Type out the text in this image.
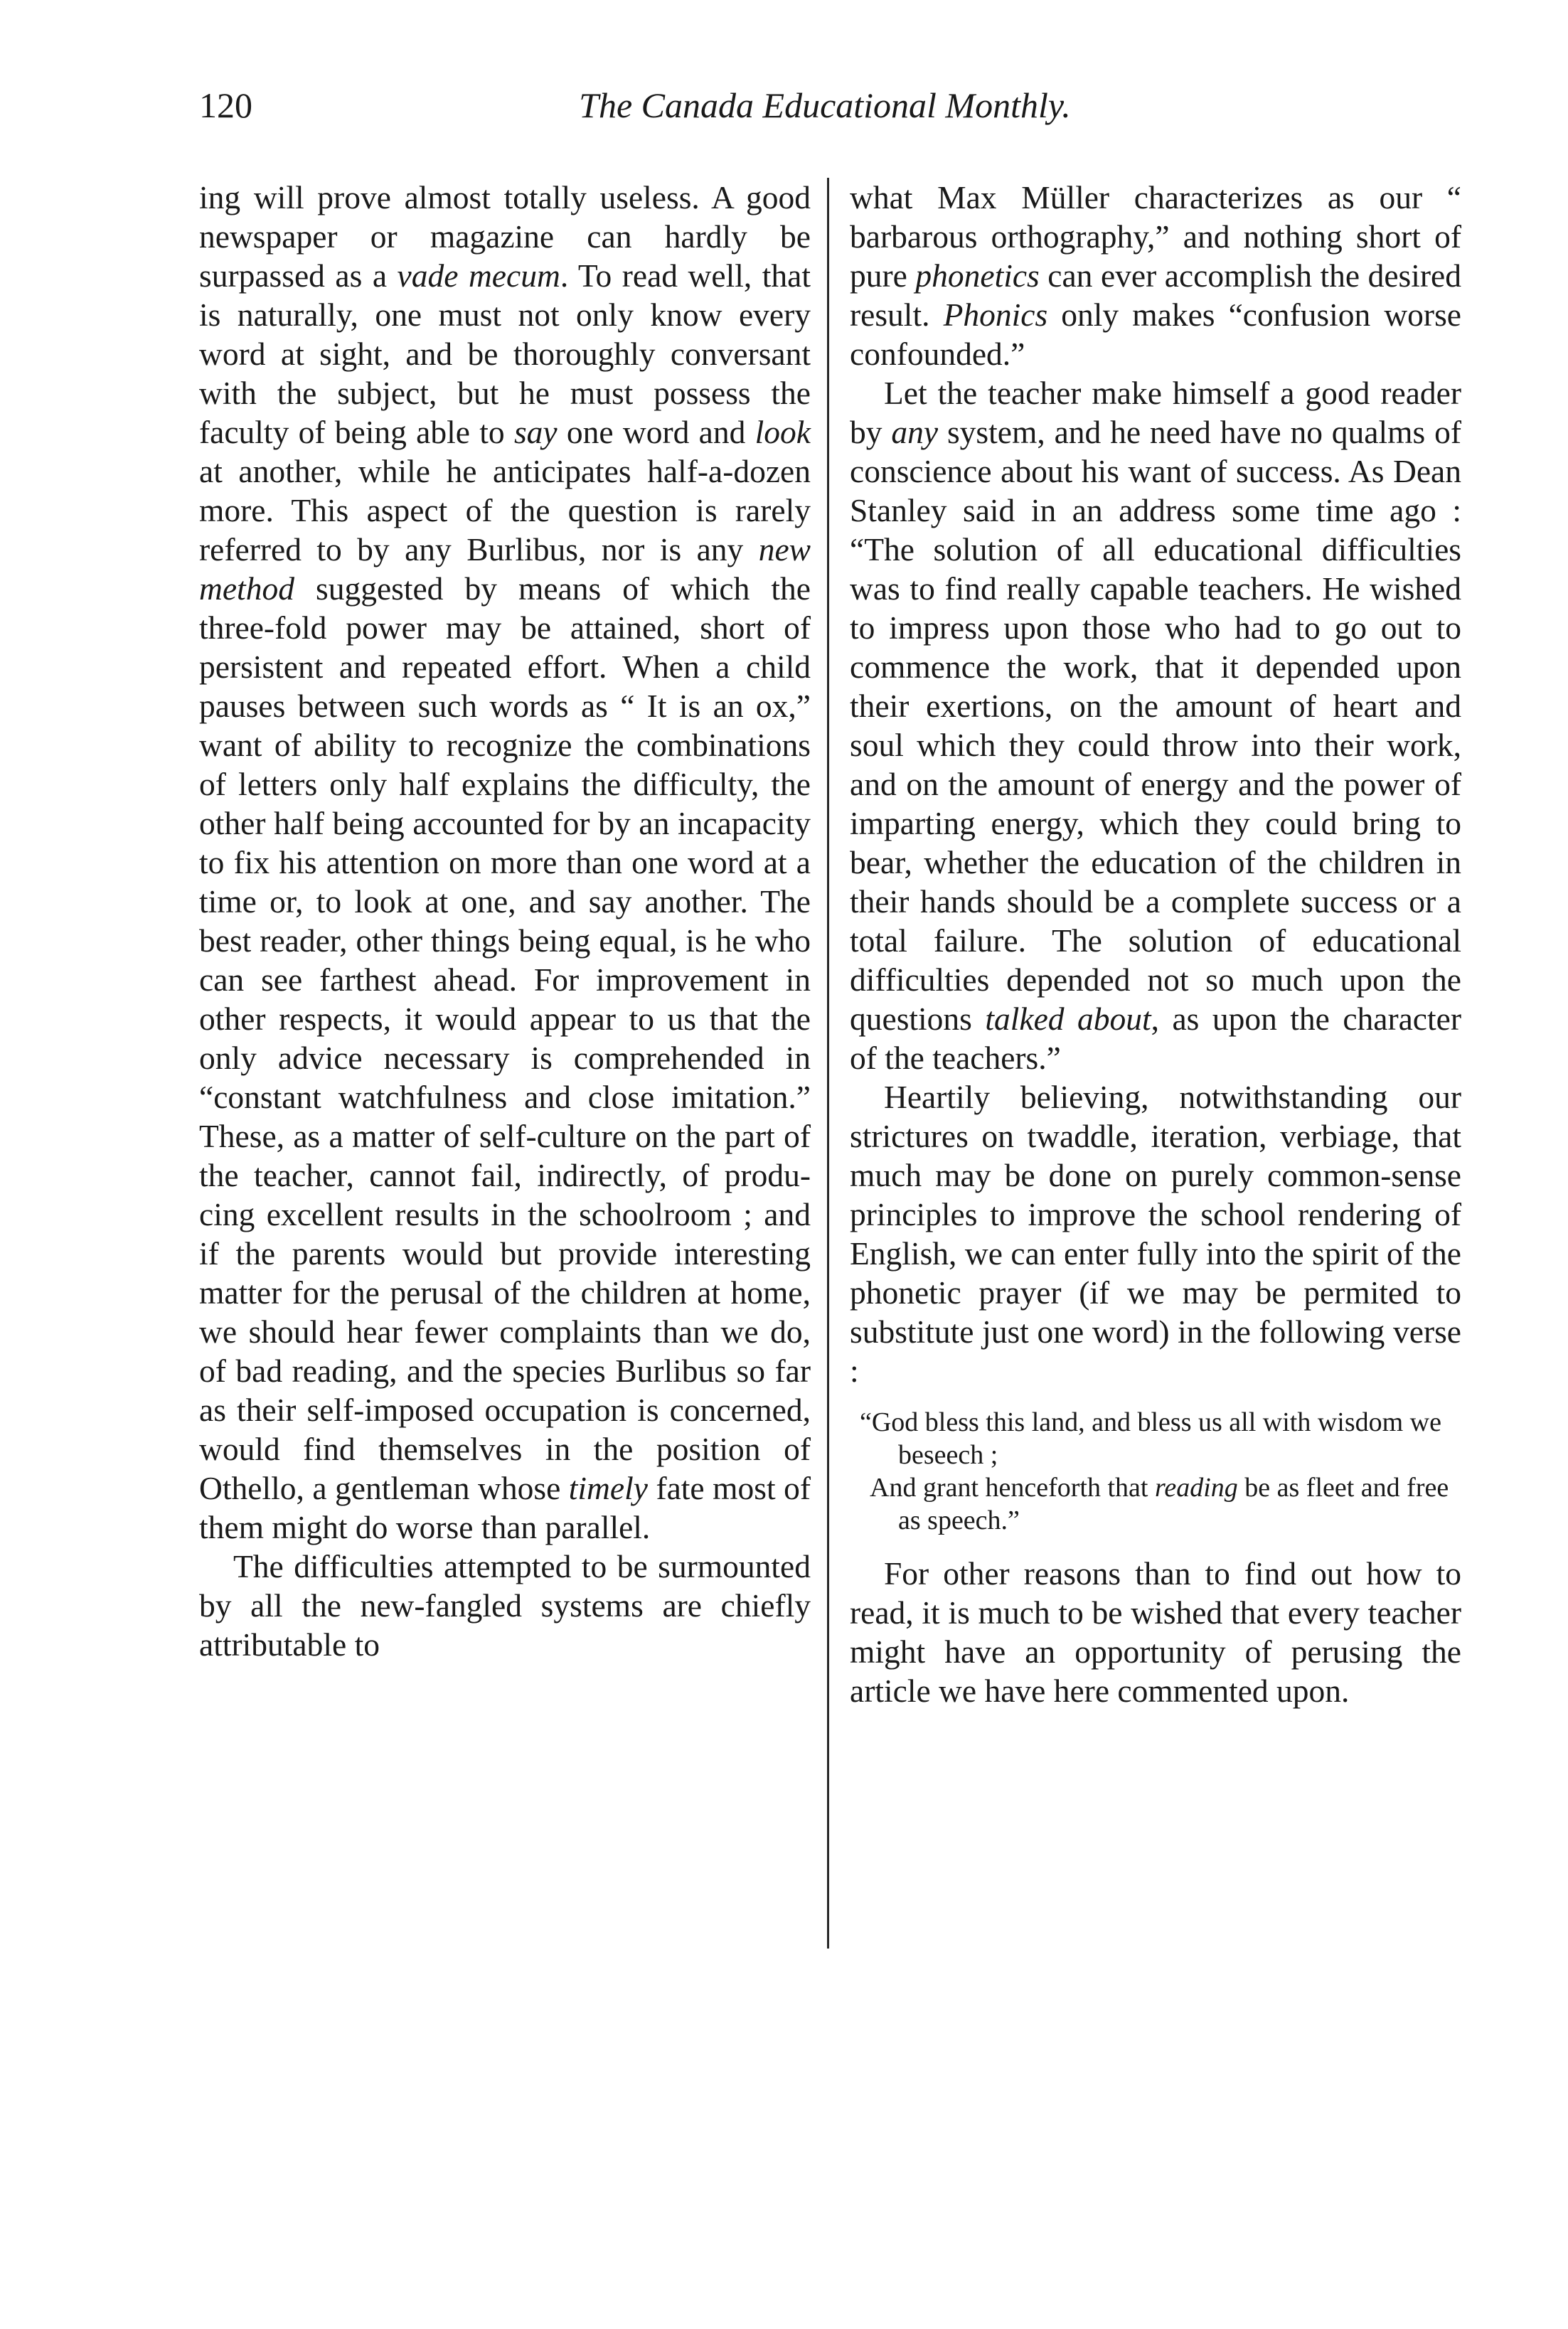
120	The Canada Educational Monthly.

ing will prove almost totally useless. A good newspaper or magazine can hardly be surpassed as a vade mecum. To read well, that is naturally, one must not only know every word at sight, and be thoroughly conversant with the subject, but he must possess the faculty of being able to say one word and look at another, while he anticipates half-a-dozen more. This aspect of the question is rarely referred to by any Burlibus, nor is any new method suggested by means of which the three-fold power may be attained, short of persistent and repeated effort. When a child pauses between such words as “ It is an ox,” want of ability to recognize the combinations of letters only half explains the difficulty, the other half being accounted for by an incapacity to fix his attention on more than one word at a time or, to look at one, and say another. The best reader, other things being equal, is he who can see farthest ahead. For improvement in other respects, it would appear to us that the only advice necessary is comprehended in “constant watchfulness and close imitation.” These, as a matter of self-culture on the part of the teacher, cannot fail, indirectly, of producing excellent results in the schoolroom ; and if the parents would but provide interesting matter for the perusal of the children at home, we should hear fewer complaints than we do, of bad reading, and the species Burlibus so far as their self-imposed occupation is concerned, would find themselves in the position of Othello, a gentleman whose timely fate most of them might do worse than parallel.

The difficulties attempted to be surmounted by all the new-fangled systems are chiefly attributable to

what Max Müller characterizes as our “ barbarous orthography,” and nothing short of pure phonetics can ever accomplish the desired result. Phonics only makes “confusion worse confounded.”

Let the teacher make himself a good reader by any system, and he need have no qualms of conscience about his want of success. As Dean Stanley said in an address some time ago : “The solution of all educational difficulties was to find really capable teachers. He wished to impress upon those who had to go out to commence the work, that it depended upon their exertions, on the amount of heart and soul which they could throw into their work, and on the amount of energy and the power of imparting energy, which they could bring to bear, whether the education of the children in their hands should be a complete success or a total failure. The solution of educational difficulties depended not so much upon the questions talked about, as upon the character of the teachers.”

Heartily believing, notwithstanding our strictures on twaddle, iteration, verbiage, that much may be done on purely common-sense principles to improve the school rendering of English, we can enter fully into the spirit of the phonetic prayer (if we may be permited to substitute just one word) in the following verse :

“God bless this land, and bless us all with wisdom we beseech ;
And grant henceforth that reading be as fleet and free as speech.”

For other reasons than to find out how to read, it is much to be wished that every teacher might have an opportunity of perusing the article we have here commented upon.
